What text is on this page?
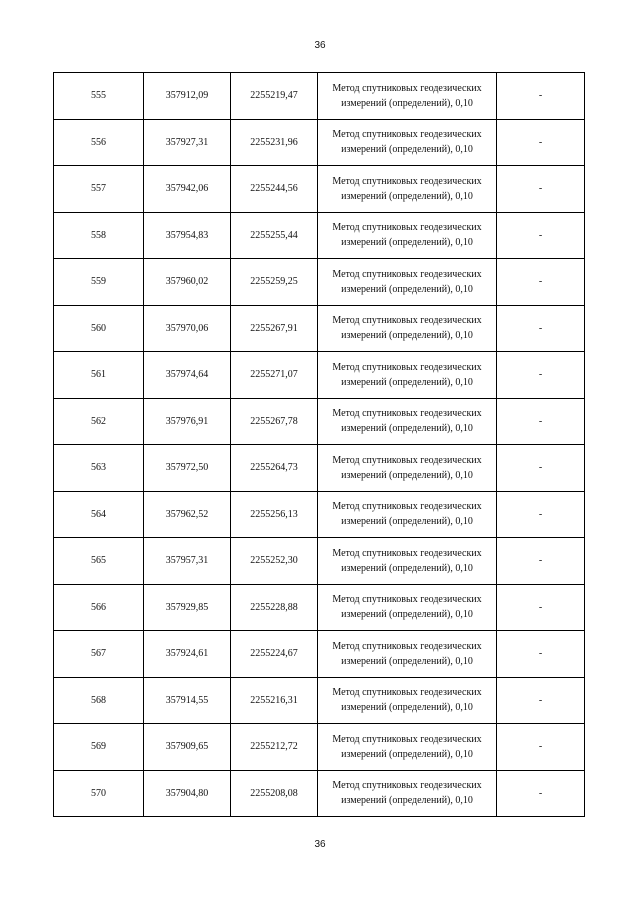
36
555	357912,09	2255219,47	Метод спутниковых геодезических измерений (определений), 0,10	-
556	357927,31	2255231,96	Метод спутниковых геодезических измерений (определений), 0,10	-
557	357942,06	2255244,56	Метод спутниковых геодезических измерений (определений), 0,10	-
558	357954,83	2255255,44	Метод спутниковых геодезических измерений (определений), 0,10	-
559	357960,02	2255259,25	Метод спутниковых геодезических измерений (определений), 0,10	-
560	357970,06	2255267,91	Метод спутниковых геодезических измерений (определений), 0,10	-
561	357974,64	2255271,07	Метод спутниковых геодезических измерений (определений), 0,10	-
562	357976,91	2255267,78	Метод спутниковых геодезических измерений (определений), 0,10	-
563	357972,50	2255264,73	Метод спутниковых геодезических измерений (определений), 0,10	-
564	357962,52	2255256,13	Метод спутниковых геодезических измерений (определений), 0,10	-
565	357957,31	2255252,30	Метод спутниковых геодезических измерений (определений), 0,10	-
566	357929,85	2255228,88	Метод спутниковых геодезических измерений (определений), 0,10	-
567	357924,61	2255224,67	Метод спутниковых геодезических измерений (определений), 0,10	-
568	357914,55	2255216,31	Метод спутниковых геодезических измерений (определений), 0,10	-
569	357909,65	2255212,72	Метод спутниковых геодезических измерений (определений), 0,10	-
570	357904,80	2255208,08	Метод спутниковых геодезических измерений (определений), 0,10	-
36
